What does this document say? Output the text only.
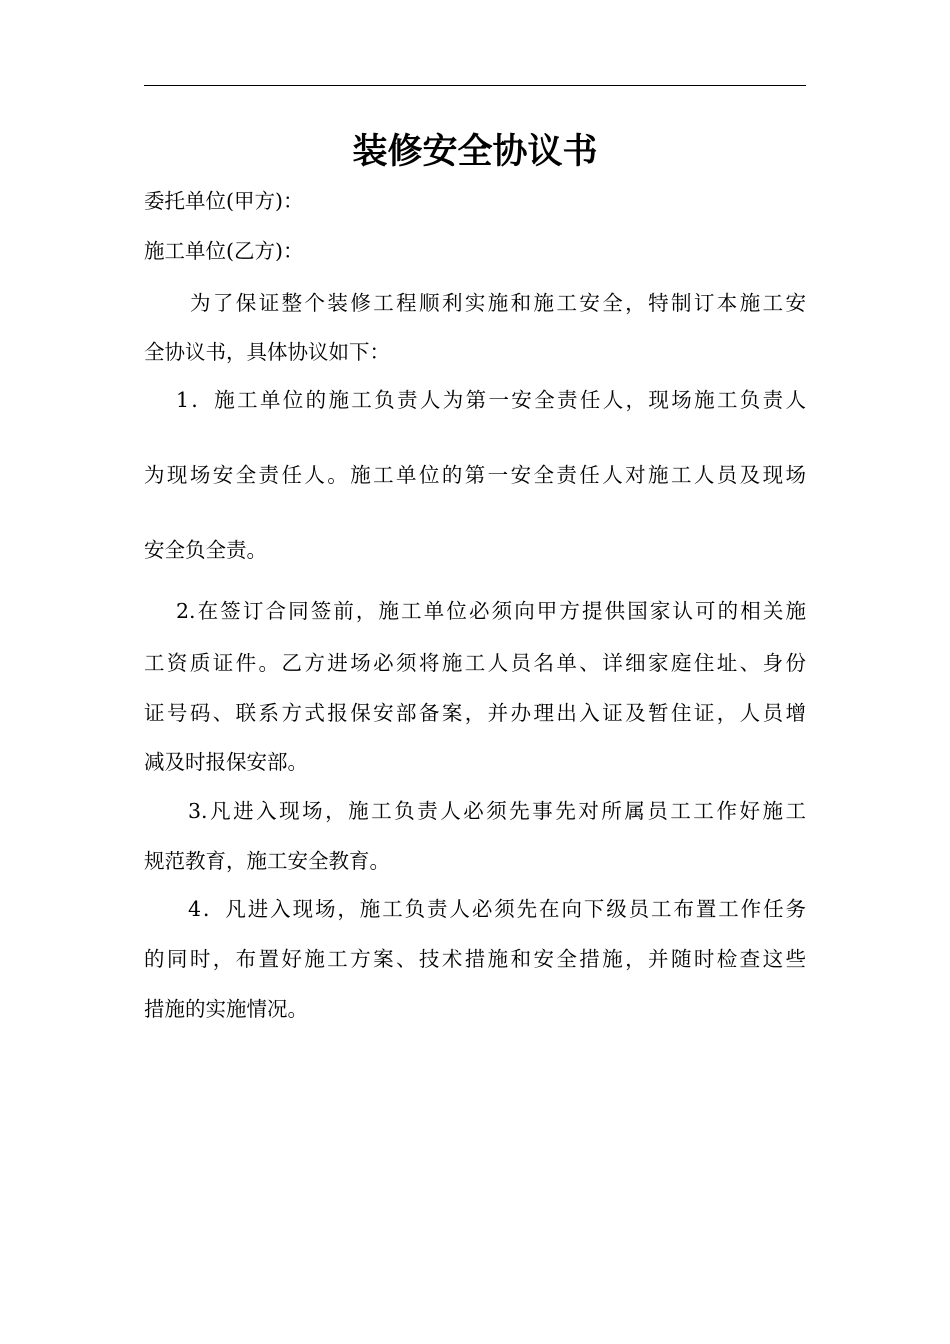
装修安全协议书

委托单位(甲方)：

施工单位(乙方)：

为了保证整个装修工程顺利实施和施工安全，特制订本施工安

全协议书，具体协议如下：

1．施工单位的施工负责人为第一安全责任人，现场施工负责人

为现场安全责任人。施工单位的第一安全责任人对施工人员及现场

安全负全责。

2.在签订合同签前，施工单位必须向甲方提供国家认可的相关施

工资质证件。乙方进场必须将施工人员名单、详细家庭住址、身份

证号码、联系方式报保安部备案，并办理出入证及暂住证，人员增

减及时报保安部。

3.凡进入现场，施工负责人必须先事先对所属员工工作好施工

规范教育，施工安全教育。

4．凡进入现场，施工负责人必须先在向下级员工布置工作任务

的同时，布置好施工方案、技术措施和安全措施，并随时检查这些

措施的实施情况。
